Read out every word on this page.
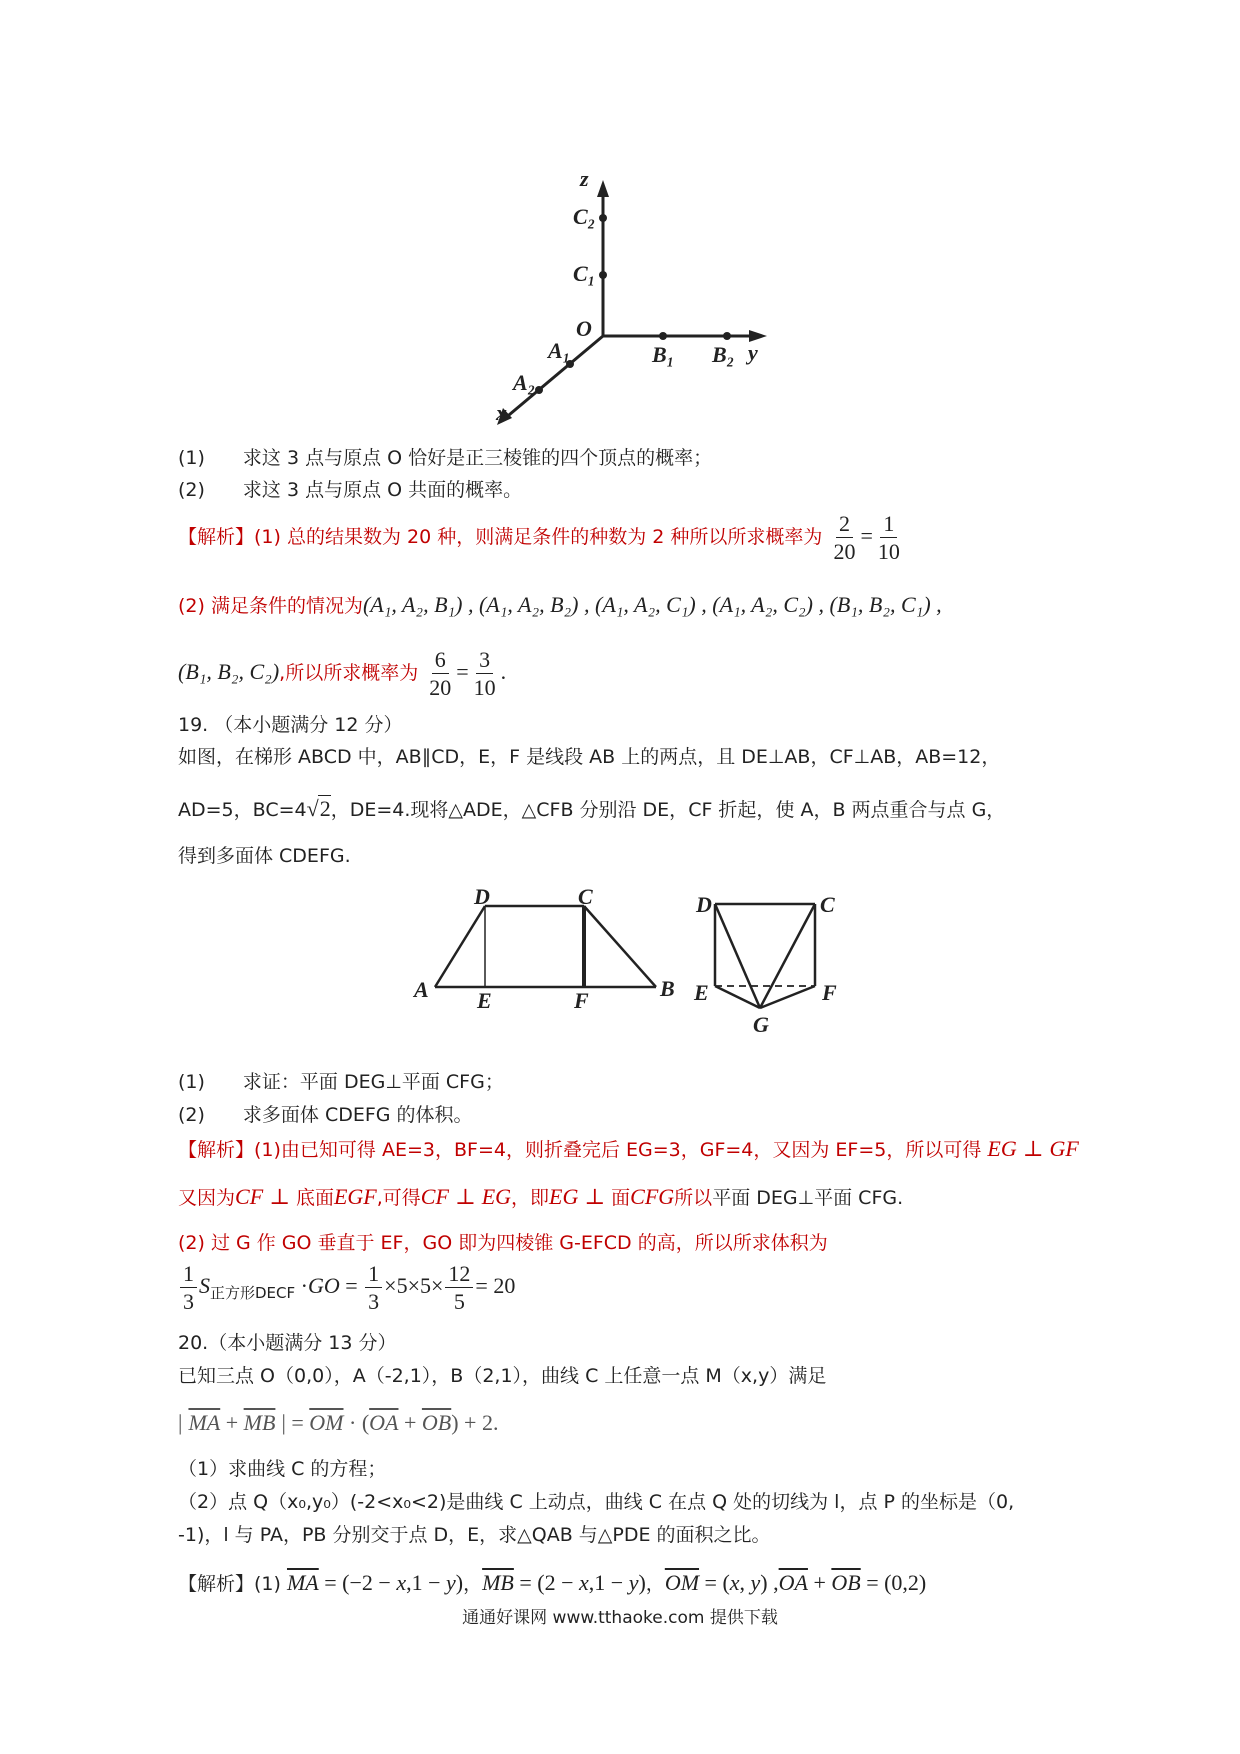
z
C₂
C₁
O
A₁	B₁ B₂ y
A₂
x
(1) 求这 3 点与原点 O 恰好是正三棱锥的四个顶点的概率；
(2) 求这 3 点与原点 O 共面的概率。
【解析】(1) 总的结果数为 20 种，则满足条件的种数为 2 种所以所求概率为 $\frac{2}{20} = \frac{1}{10}$
(2) 满足条件的情况为(A₁, A₂, B₁) , (A₁, A₂, B₂) , (A₁, A₂, C₁) , (A₁, A₂, C₂) , (B₁, B₂, C₁) ,
(B₁, B₂, C₂),所以所求概率为 $\frac{6}{20} = \frac{3}{10}$ .
19. （本小题满分 12 分）
如图，在梯形 ABCD 中，AB∥CD，E，F 是线段 AB 上的两点，且 DE⊥AB，CF⊥AB，AB=12，
AD=5，BC=4√2，DE=4.现将△ADE，△CFB 分别沿 DE，CF 折起，使 A，B 两点重合与点 G，
得到多面体 CDEFG.
D	C
A E	F	B
D	C
E	F
G
(1) 求证：平面 DEG⊥平面 CFG；
(2) 求多面体 CDEFG 的体积。
【解析】(1)由已知可得 AE=3，BF=4，则折叠完后 EG=3，GF=4，又因为 EF=5，所以可得 EG ⊥ GF
又因为CF ⊥ 底面EGF,可得CF ⊥ EG，即EG ⊥ 面CFG所以平面 DEG⊥平面 CFG.
(2) 过 G 作 GO 垂直于 EF，GO 即为四棱锥 G-EFCD 的高，所以所求体积为
$\frac{1}{3} S_{正方形DECF} \cdot GO = \frac{1}{3} \times 5\times 5\times \frac{12}{5} = 20$
20.（本小题满分 13 分）
已知三点 O（0,0），A（-2,1），B（2,1），曲线 C 上任意一点 M（x,y）满足
| $\overline{MA} + \overline{MB}$ | = $\overline{OM} \cdot (\overline{OA} + \overline{OB}) + 2$.
（1）求曲线 C 的方程；
（2）点 Q（x₀,y₀）(-2<x₀<2)是曲线 C 上动点，曲线 C 在点 Q 处的切线为 l，点 P 的坐标是（0,
-1)，l 与 PA，PB 分别交于点 D，E，求△QAB 与△PDE 的面积之比。
【解析】(1) $\overline{MA} = (-2 - x,1 - y)$，$\overline{MB} = (2 - x,1 - y)$，$\overline{OM} = (x$, y) $,\overline{OA} + \overline{OB} = (0,2)$
通通好课网 www.tthaoke.com 提供下载
